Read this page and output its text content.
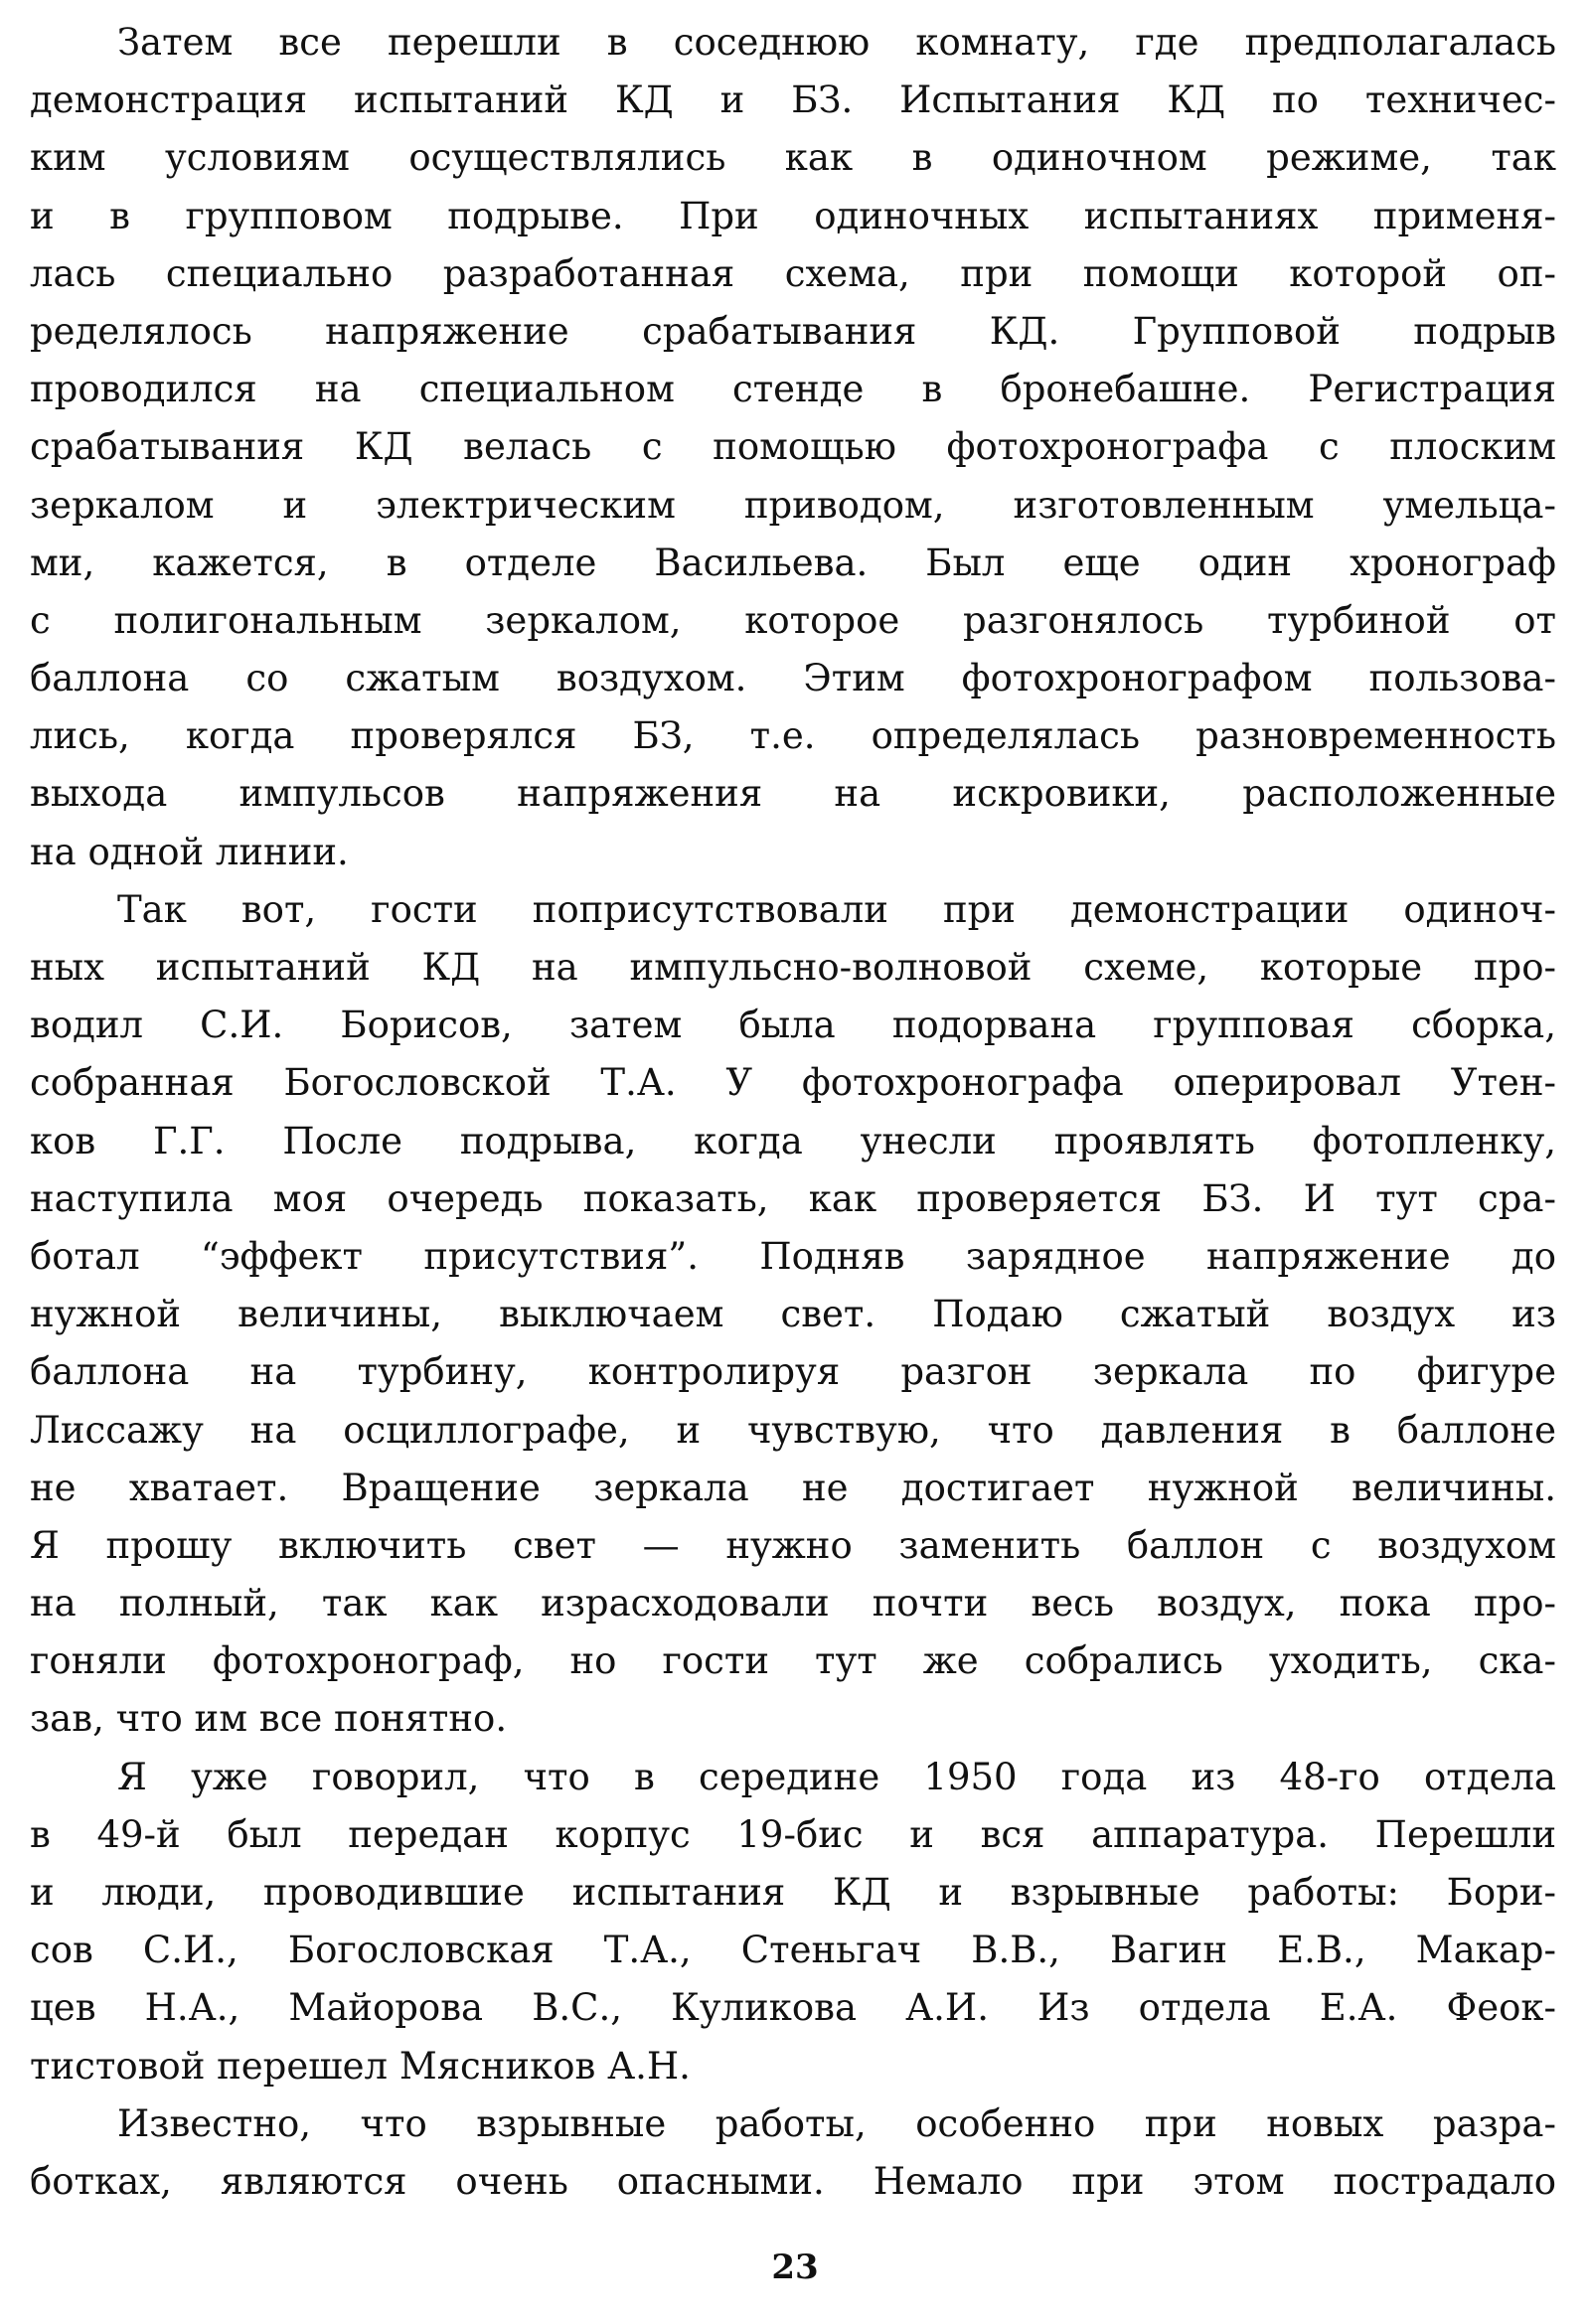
Затем все перешли в соседнюю комнату, где предполагалась
демонстрация испытаний КД и БЗ. Испытания КД по техничес-
ким условиям осуществлялись как в одиночном режиме, так
и в групповом подрыве. При одиночных испытаниях применя-
лась специально разработанная схема, при помощи которой оп-
ределялось напряжение срабатывания КД. Групповой подрыв
проводился на специальном стенде в бронебашне. Регистрация
срабатывания КД велась с помощью фотохронографа с плоским
зеркалом и электрическим приводом, изготовленным умельца-
ми, кажется, в отделе Васильева. Был еще один хронограф
с полигональным зеркалом, которое разгонялось турбиной от
баллона со сжатым воздухом. Этим фотохронографом пользова-
лись, когда проверялся БЗ, т.е. определялась разновременность
выхода импульсов напряжения на искровики, расположенные
на одной линии.

Так вот, гости поприсутствовали при демонстрации одиноч-
ных испытаний КД на импульсно-волновой схеме, которые про-
водил С.И. Борисов, затем была подорвана групповая сборка,
собранная Богословской Т.А. У фотохронографа оперировал Утен-
ков Г.Г. После подрыва, когда унесли проявлять фотопленку,
наступила моя очередь показать, как проверяется БЗ. И тут сра-
ботал “эффект присутствия”. Подняв зарядное напряжение до
нужной величины, выключаем свет. Подаю сжатый воздух из
баллона на турбину, контролируя разгон зеркала по фигуре
Лиссажу на осциллографе, и чувствую, что давления в баллоне
не хватает. Вращение зеркала не достигает нужной величины.
Я прошу включить свет — нужно заменить баллон с воздухом
на полный, так как израсходовали почти весь воздух, пока про-
гоняли фотохронограф, но гости тут же собрались уходить, ска-
зав, что им все понятно.

Я уже говорил, что в середине 1950 года из 48-го отдела
в 49-й был передан корпус 19-бис и вся аппаратура. Перешли
и люди, проводившие испытания КД и взрывные работы: Бори-
сов С.И., Богословская Т.А., Стеньгач В.В., Вагин Е.В., Макар-
цев Н.А., Майорова В.С., Куликова А.И. Из отдела Е.А. Феок-
тистовой перешел Мясников А.Н.

Известно, что взрывные работы, особенно при новых разра-
ботках, являются очень опасными. Немало при этом пострадало

23
